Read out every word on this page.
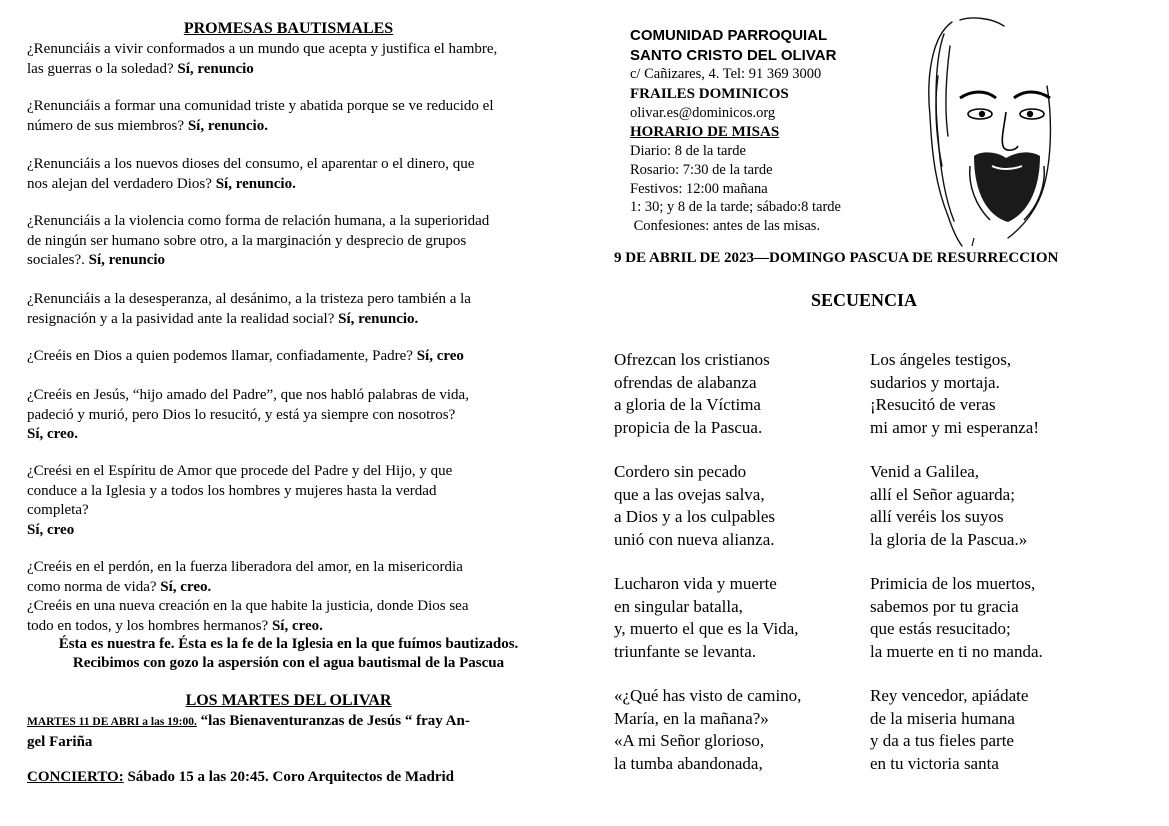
PROMESAS BAUTISMALES
¿Renunciáis a vivir conformados a un mundo que acepta y justifica el hambre,
las guerras o la soledad? Sí, renuncio
¿Renunciáis a formar una comunidad triste y abatida porque se ve reducido el
número de sus miembros? Sí, renuncio.
¿Renunciáis a los nuevos dioses del consumo, el aparentar o el dinero, que
nos alejan del verdadero Dios? Sí, renuncio.
¿Renunciáis a la violencia como forma de relación humana, a la superioridad
de ningún ser humano sobre otro, a la marginación y desprecio de grupos
sociales?. Sí, renuncio
¿Renunciáis a la desesperanza, al desánimo, a la tristeza pero también a la
resignación y a la pasividad ante la realidad social? Sí, renuncio.
¿Creéis en Dios a quien podemos llamar, confiadamente, Padre? Sí, creo
¿Creéis en Jesús, “hijo amado del Padre”, que nos habló palabras de vida,
padeció y murió, pero Dios lo resucitó, y está ya siempre con nosotros?
Sí, creo.
¿Creési en el Espíritu de Amor que procede del Padre y del Hijo, y que
conduce a la Iglesia y a todos los hombres y mujeres hasta la verdad
completa?
Sí, creo
¿Creéis en el perdón, en la fuerza liberadora del amor, en la misericordia
como norma de vida? Sí, creo.
¿Creéis en una nueva creación en la que habite la justicia, donde Dios sea
todo en todos, y los hombres hermanos? Sí, creo.
Ésta es nuestra fe. Ésta es la fe de la Iglesia en la que fuímos bautizados.
Recibimos con gozo la aspersión con el agua bautismal de la Pascua
LOS MARTES DEL OLIVAR
MARTES 11 DE ABRI a las 19:00. “las Bienaventuranzas de Jesús “ fray An-
gel Fariña
CONCIERTO: Sábado 15 a las 20:45. Coro Arquitectos de Madrid
COMUNIDAD PARROQUIAL
SANTO CRISTO DEL OLIVAR
c/ Cañizares, 4. Tel: 91 369 3000
FRAILES DOMINICOS
olivar.es@dominicos.org
HORARIO DE MISAS
Diario: 8 de la tarde
Rosario: 7:30 de la tarde
Festivos: 12:00 mañana
1: 30; y 8 de la tarde; sábado:8 tarde
Confesiones: antes de las misas.
9 DE ABRIL DE 2023—DOMINGO PASCUA DE RESURRECCION
SECUENCIA
Ofrezcan los cristianos
ofrendas de alabanza
a gloria de la Víctima
propicia de la Pascua.
Cordero sin pecado
que a las ovejas salva,
a Dios y a los culpables
unió con nueva alianza.
Lucharon vida y muerte
en singular batalla,
y, muerto el que es la Vida,
triunfante se levanta.
«¿Qué has visto de camino,
María, en la mañana?»
«A mi Señor glorioso,
la tumba abandonada,
Los ángeles testigos,
sudarios y mortaja.
¡Resucitó de veras
mi amor y mi esperanza!
Venid a Galilea,
allí el Señor aguarda;
allí veréis los suyos
la gloria de la Pascua.»
Primicia de los muertos,
sabemos por tu gracia
que estás resucitado;
la muerte en ti no manda.
Rey vencedor, apiádate
de la miseria humana
y da a tus fieles parte
en tu victoria santa
